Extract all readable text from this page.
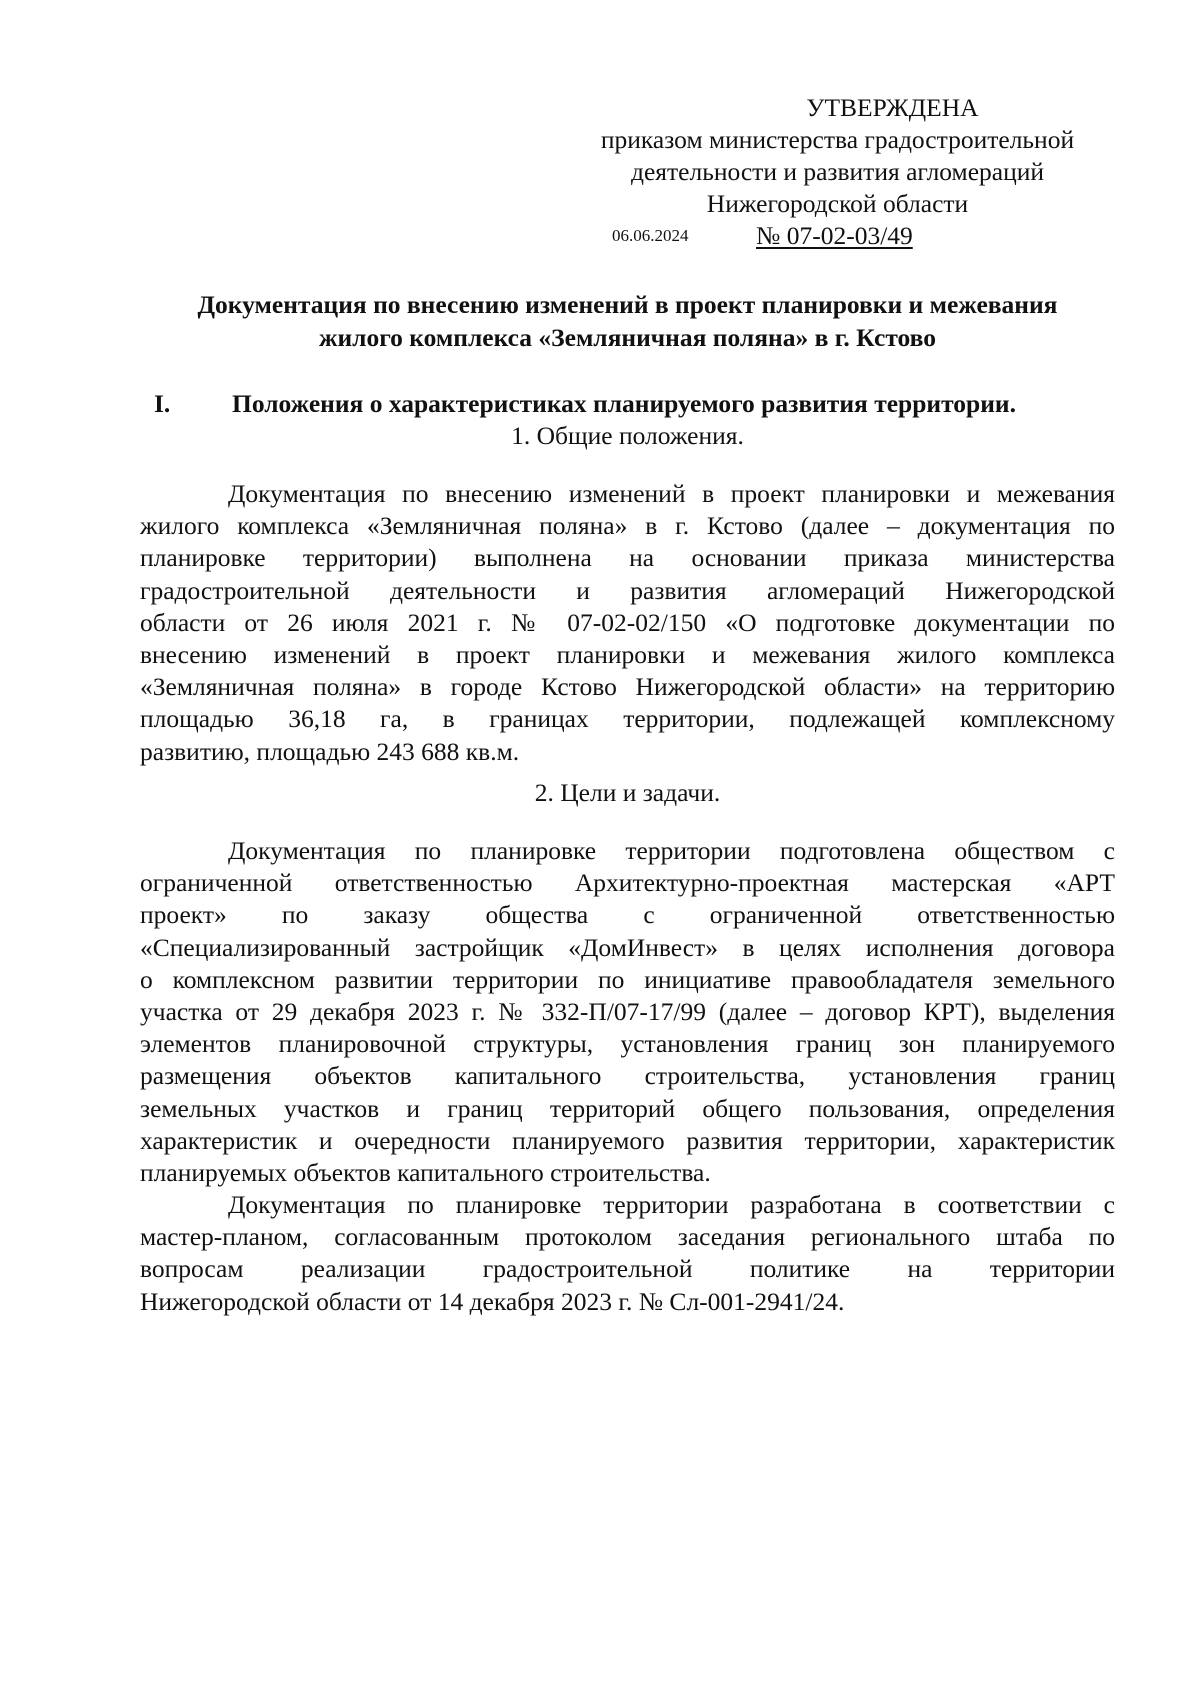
УТВЕРЖДЕНА
приказом министерства градостроительной
деятельности и развития агломераций
Нижегородской области
06.06.2024	№ 07-02-03/49
Документация по внесению изменений в проект планировки и межевания
жилого комплекса «Земляничная поляна» в г. Кстово
I. Положения о характеристиках планируемого развития территории.
1. Общие положения.
Документация по внесению изменений в проект планировки и межевания
жилого комплекса «Земляничная поляна» в г. Кстово (далее – документация по
планировке территории) выполнена на основании приказа министерства
градостроительной деятельности и развития агломераций Нижегородской
области от 26 июля 2021 г. № 07-02-02/150 «О подготовке документации по
внесению изменений в проект планировки и межевания жилого комплекса
«Земляничная поляна» в городе Кстово Нижегородской области» на территорию
площадью 36,18 га, в границах территории, подлежащей комплексному
развитию, площадью 243 688 кв.м.
2. Цели и задачи.
Документация по планировке территории подготовлена обществом с
ограниченной ответственностью Архитектурно-проектная мастерская «АРТ
проект» по заказу общества с ограниченной ответственностью
«Специализированный застройщик «ДомИнвест» в целях исполнения договора
о комплексном развитии территории по инициативе правообладателя земельного
участка от 29 декабря 2023 г. № 332-П/07-17/99 (далее – договор КРТ), выделения
элементов планировочной структуры, установления границ зон планируемого
размещения объектов капитального строительства, установления границ
земельных участков и границ территорий общего пользования, определения
характеристик и очередности планируемого развития территории, характеристик
планируемых объектов капитального строительства.
Документация по планировке территории разработана в соответствии с
мастер-планом, согласованным протоколом заседания регионального штаба по
вопросам реализации градостроительной политике на территории
Нижегородской области от 14 декабря 2023 г. № Сл-001-2941/24.
